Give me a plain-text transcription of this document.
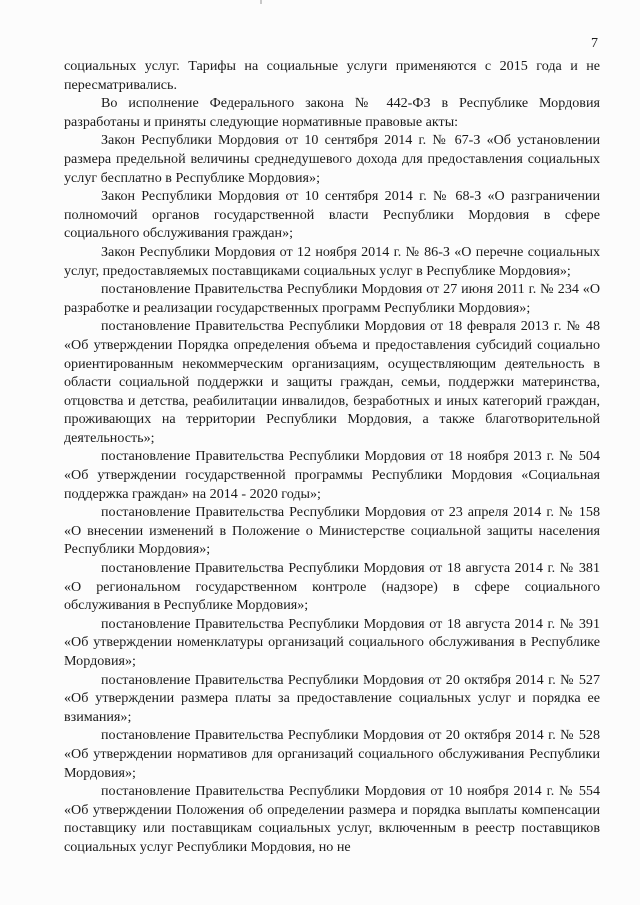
7

социальных услуг. Тарифы на социальные услуги применяются с 2015 года и не пересматривались.

Во исполнение Федерального закона № 442-ФЗ в Республике Мордовия разработаны и приняты следующие нормативные правовые акты:

Закон Республики Мордовия от 10 сентября 2014 г. № 67-З «Об установлении размера предельной величины среднедушевого дохода для предоставления социальных услуг бесплатно в Республике Мордовия»;

Закон Республики Мордовия от 10 сентября 2014 г. № 68-З «О разграничении полномочий органов государственной власти Республики Мордовия в сфере социального обслуживания граждан»;

Закон Республики Мордовия от 12 ноября 2014 г. № 86-З «О перечне социальных услуг, предоставляемых поставщиками социальных услуг в Республике Мордовия»;

постановление Правительства Республики Мордовия от 27 июня 2011 г. № 234 «О разработке и реализации государственных программ Республики Мордовия»;

постановление Правительства Республики Мордовия от 18 февраля 2013 г. № 48 «Об утверждении Порядка определения объема и предоставления субсидий социально ориентированным некоммерческим организациям, осуществляющим деятельность в области социальной поддержки и защиты граждан, семьи, поддержки материнства, отцовства и детства, реабилитации инвалидов, безработных и иных категорий граждан, проживающих на территории Республики Мордовия, а также благотворительной деятельность»;

постановление Правительства Республики Мордовия от 18 ноября 2013 г. № 504 «Об утверждении государственной программы Республики Мордовия «Социальная поддержка граждан» на 2014 - 2020 годы»;

постановление Правительства Республики Мордовия от 23 апреля 2014 г. № 158 «О внесении изменений в Положение о Министерстве социальной защиты населения Республики Мордовия»;

постановление Правительства Республики Мордовия от 18 августа 2014 г. № 381 «О региональном государственном контроле (надзоре) в сфере социального обслуживания в Республике Мордовия»;

постановление Правительства Республики Мордовия от 18 августа 2014 г. № 391 «Об утверждении номенклатуры организаций социального обслуживания в Республике Мордовия»;

постановление Правительства Республики Мордовия от 20 октября 2014 г. № 527 «Об утверждении размера платы за предоставление социальных услуг и порядка ее взимания»;

постановление Правительства Республики Мордовия от 20 октября 2014 г. № 528 «Об утверждении нормативов для организаций социального обслуживания Республики Мордовия»;

постановление Правительства Республики Мордовия от 10 ноября 2014 г. № 554 «Об утверждении Положения об определении размера и порядка выплаты компенсации поставщику или поставщикам социальных услуг, включенным в реестр поставщиков социальных услуг Республики Мордовия, но не
